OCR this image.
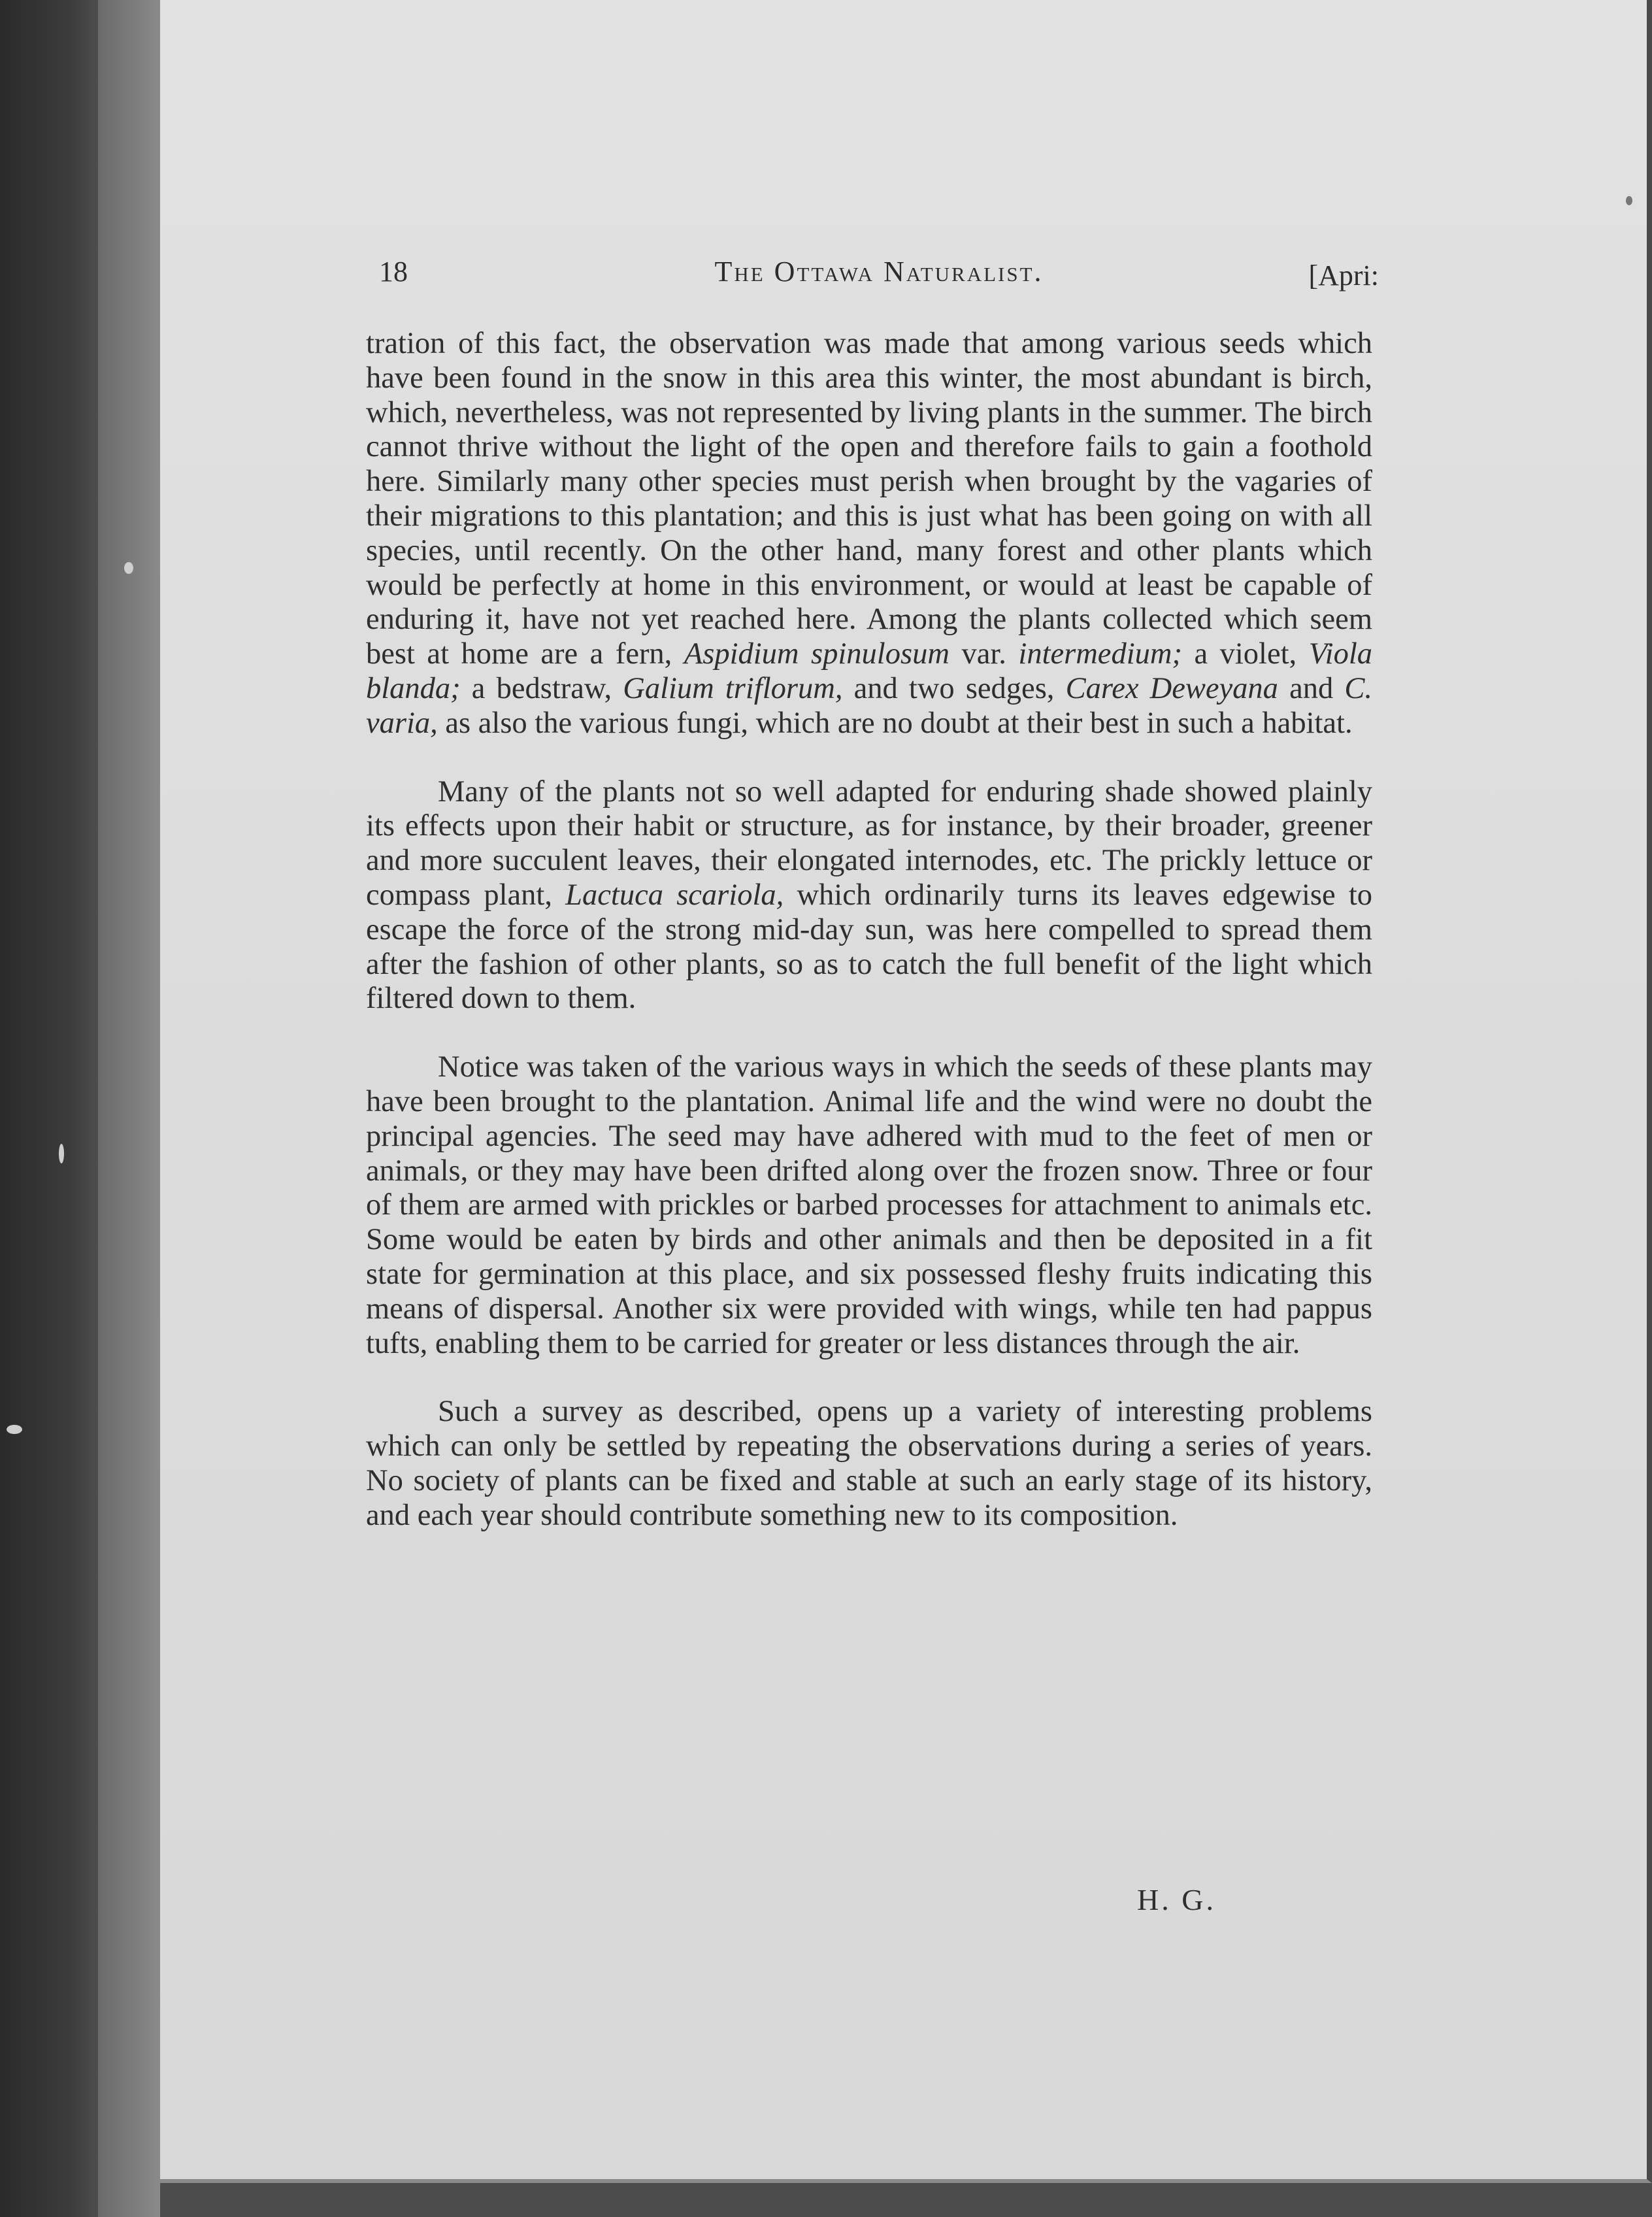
18	The Ottawa Naturalist.	[Apri:

tration of this fact, the observation was made that among various seeds which have been found in the snow in this area this winter, the most abundant is birch, which, nevertheless, was not represented by living plants in the summer. The birch cannot thrive without the light of the open and therefore fails to gain a foothold here. Similarly many other species must perish when brought by the vagaries of their migrations to this plantation; and this is just what has been going on with all species, until recently. On the other hand, many forest and other plants which would be perfectly at home in this environment, or would at least be capable of enduring it, have not yet reached here. Among the plants collected which seem best at home are a fern, Aspidium spinulosum var. intermedium; a violet, Viola blanda; a bedstraw, Galium triflorum, and two sedges, Carex Deweyana and C. varia, as also the various fungi, which are no doubt at their best in such a habitat.

Many of the plants not so well adapted for enduring shade showed plainly its effects upon their habit or structure, as for instance, by their broader, greener and more succulent leaves, their elongated internodes, etc. The prickly lettuce or compass plant, Lactuca scariola, which ordinarily turns its leaves edgewise to escape the force of the strong mid-day sun, was here compelled to spread them after the fashion of other plants, so as to catch the full benefit of the light which filtered down to them.

Notice was taken of the various ways in which the seeds of these plants may have been brought to the plantation. Animal life and the wind were no doubt the principal agencies. The seed may have adhered with mud to the feet of men or animals, or they may have been drifted along over the frozen snow. Three or four of them are armed with prickles or barbed processes for attachment to animals etc. Some would be eaten by birds and other animals and then be deposited in a fit state for germination at this place, and six possessed fleshy fruits indicating this means of dispersal. Another six were provided with wings, while ten had pappus tufts, enabling them to be carried for greater or less distances through the air.

Such a survey as described, opens up a variety of interesting problems which can only be settled by repeating the observations during a series of years. No society of plants can be fixed and stable at such an early stage of its history, and each year should contribute something new to its composition.

H. G.
